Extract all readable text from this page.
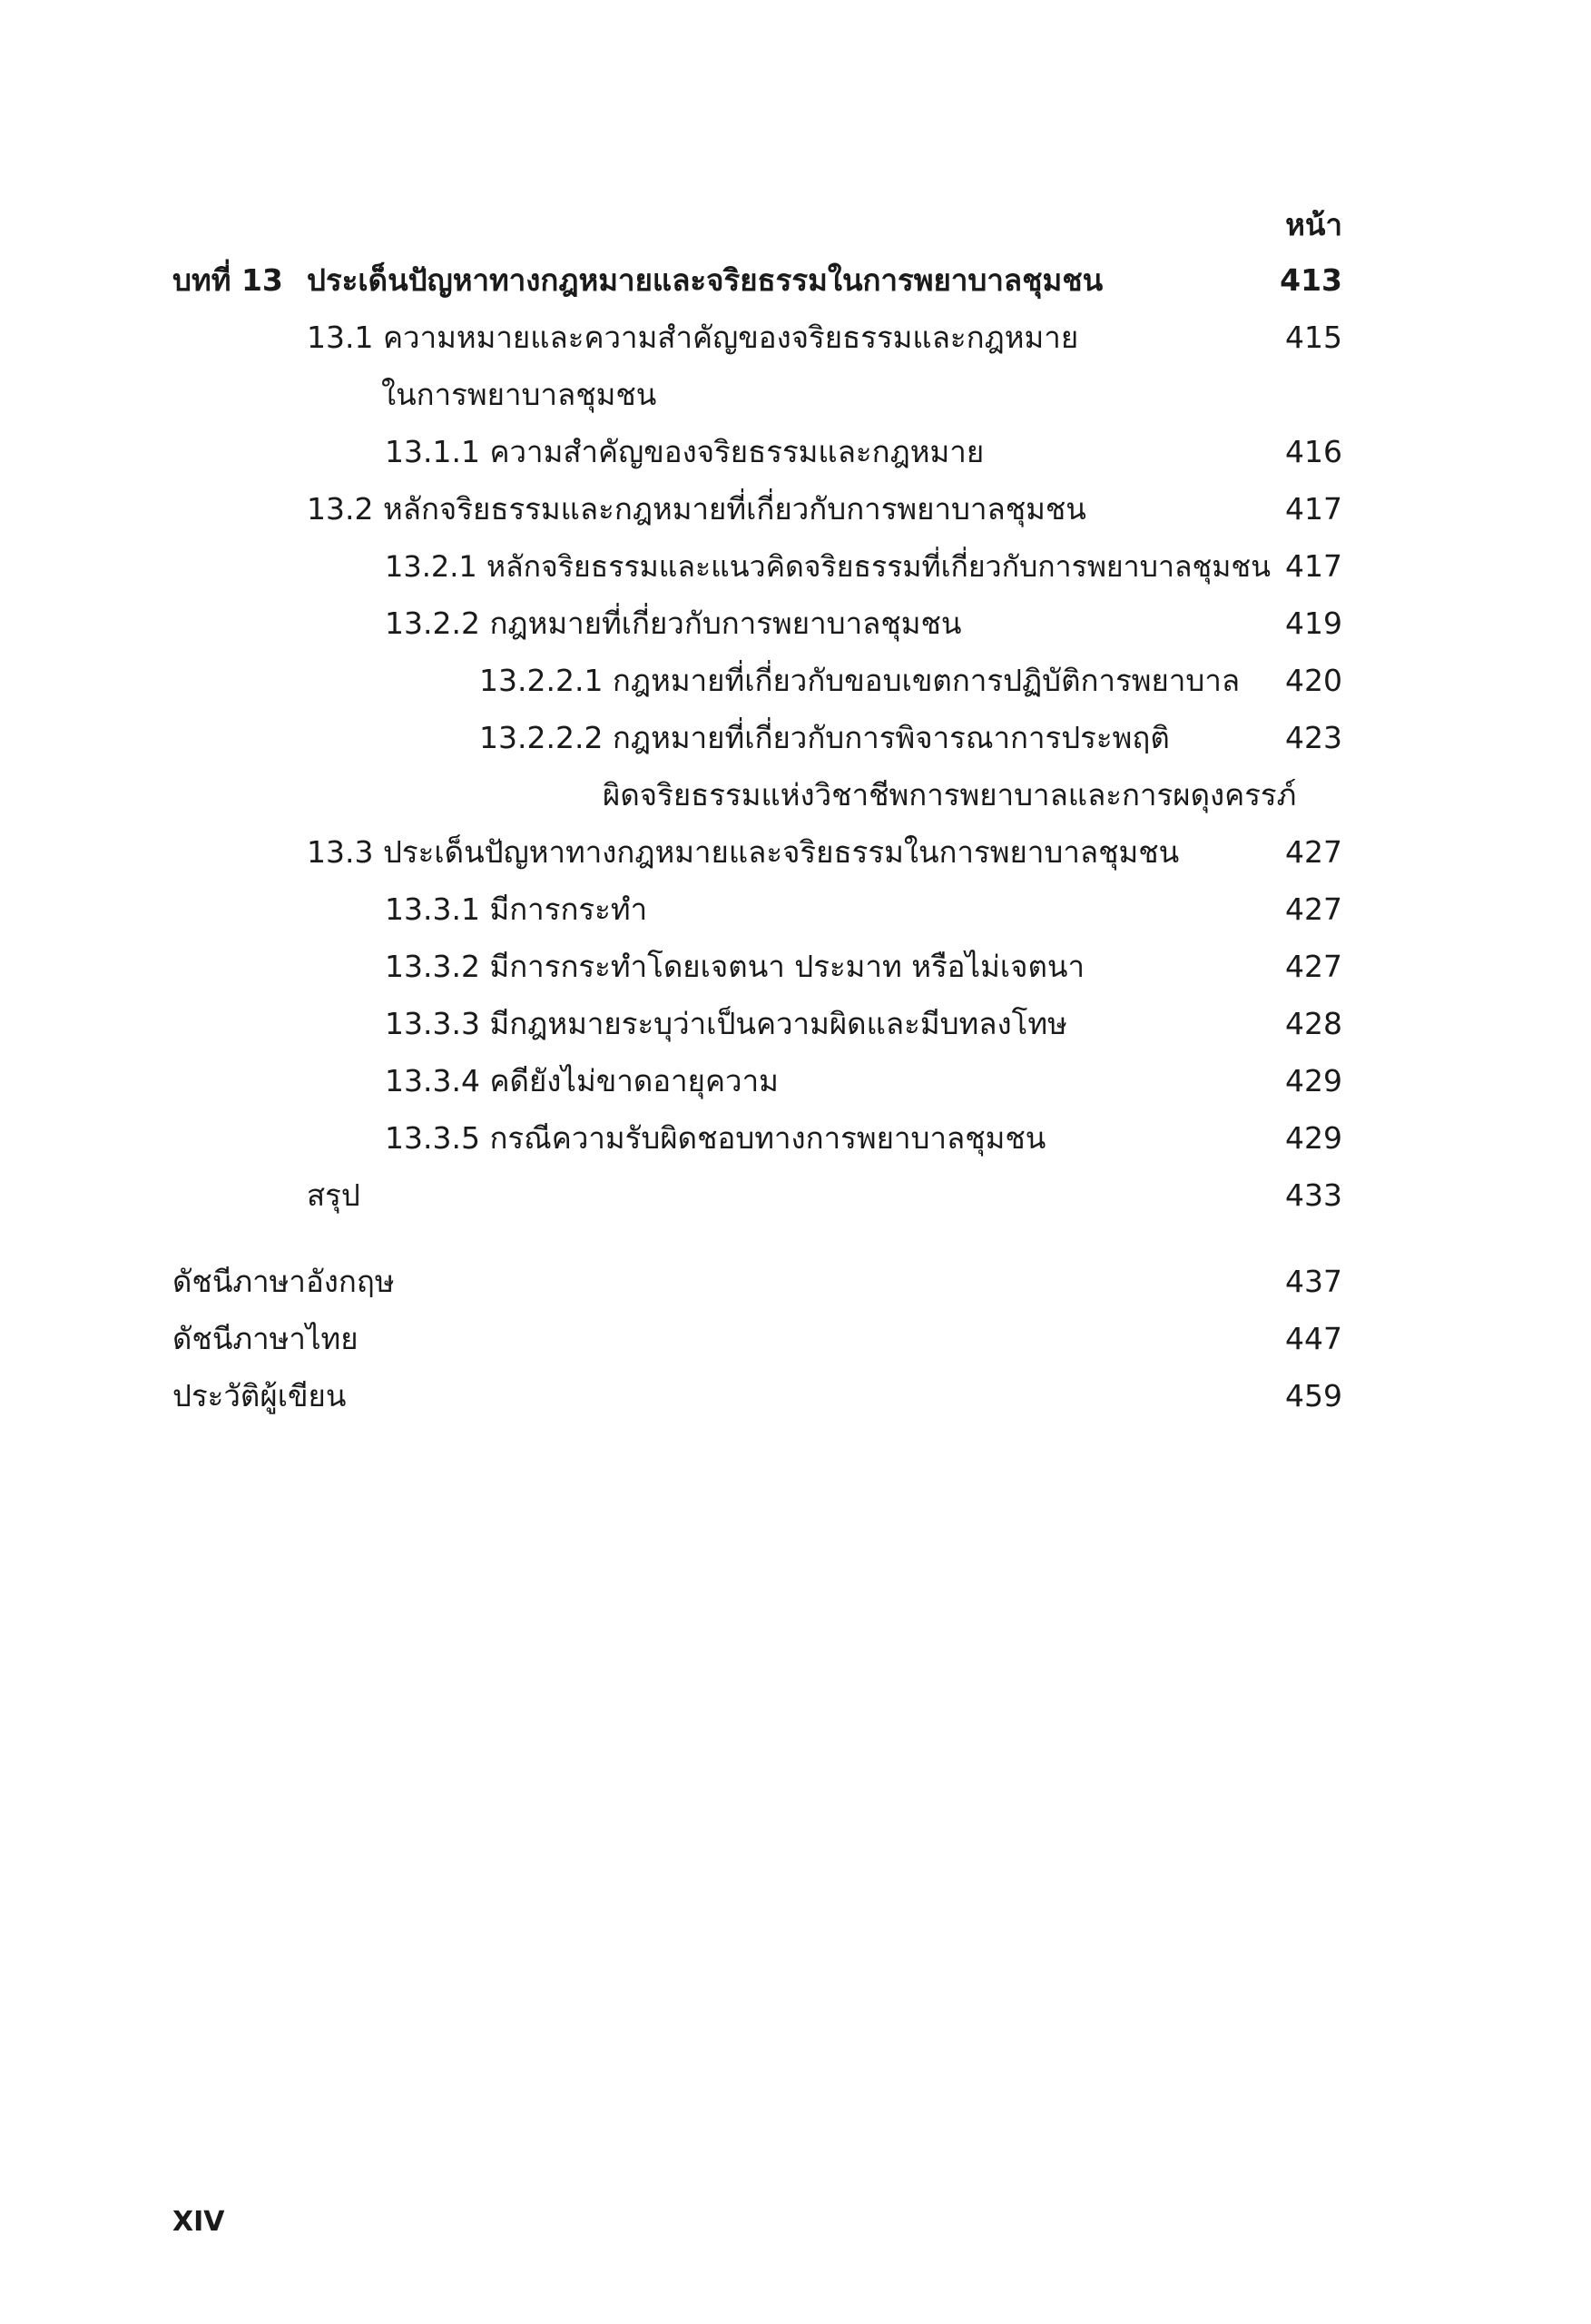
หน้า
บทที่ 13 ประเด็นปัญหาทางกฎหมายและจริยธรรมในการพยาบาลชุมชน	413
13.1 ความหมายและความสำคัญของจริยธรรมและกฎหมาย	415
ในการพยาบาลชุมชน
13.1.1 ความสำคัญของจริยธรรมและกฎหมาย	416
13.2 หลักจริยธรรมและกฎหมายที่เกี่ยวกับการพยาบาลชุมชน	417
13.2.1 หลักจริยธรรมและแนวคิดจริยธรรมที่เกี่ยวกับการพยาบาลชุมชน 417
13.2.2 กฎหมายที่เกี่ยวกับการพยาบาลชุมชน	419
13.2.2.1 กฎหมายที่เกี่ยวกับขอบเขตการปฏิบัติการพยาบาล 420
13.2.2.2 กฎหมายที่เกี่ยวกับการพิจารณาการประพฤติ	423
ผิดจริยธรรมแห่งวิชาชีพการพยาบาลและการผดุงครรภ์
13.3 ประเด็นปัญหาทางกฎหมายและจริยธรรมในการพยาบาลชุมชน	427
13.3.1 มีการกระทำ	427
13.3.2 มีการกระทำโดยเจตนา ประมาท หรือไม่เจตนา	427
13.3.3 มีกฎหมายระบุว่าเป็นความผิดและมีบทลงโทษ	428
13.3.4 คดียังไม่ขาดอายุความ	429
13.3.5 กรณีความรับผิดชอบทางการพยาบาลชุมชน	429
สรุป	433
ดัชนีภาษาอังกฤษ	437
ดัชนีภาษาไทย	447
ประวัติผู้เขียน	459
XIV
